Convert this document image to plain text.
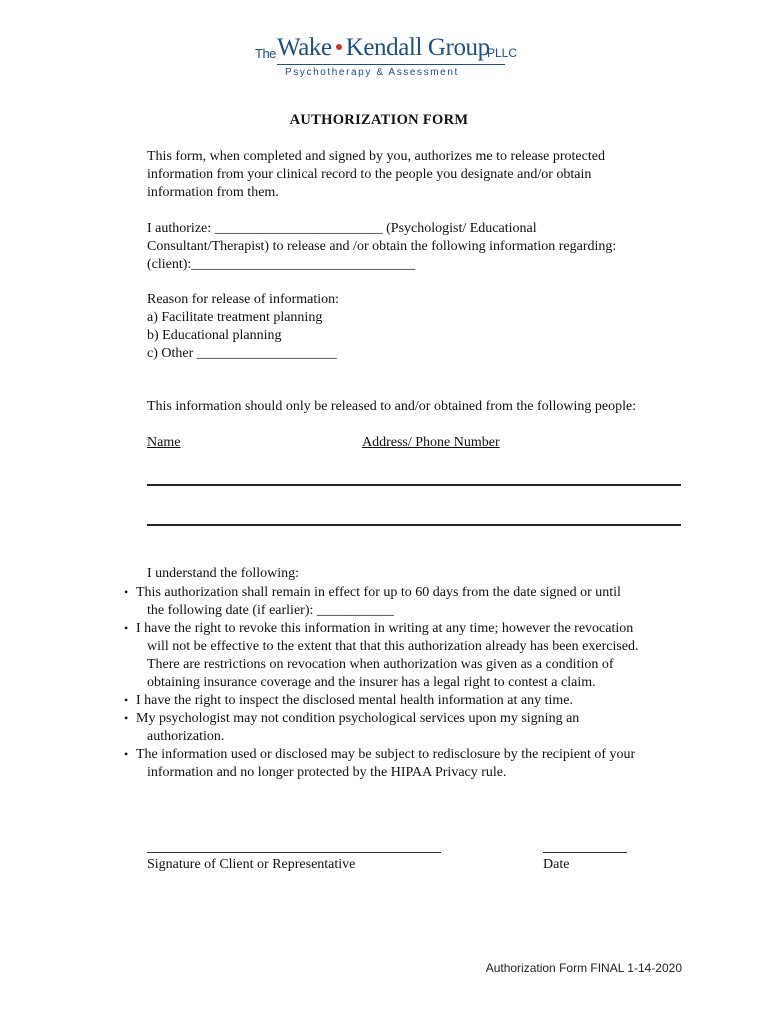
The Wake Kendall Group
PLLC
Psychotherapy & Assessment
AUTHORIZATION FORM
This form, when completed and signed by you, authorizes me to release protected
information from your clinical record to the people you designate and/or obtain
information from them.
I authorize: ________________________ (Psychologist/ Educational
Consultant/Therapist) to release and /or obtain the following information regarding:
(client):________________________________
Reason for release of information:
a) Facilitate treatment planning
b) Educational planning
c) Other ____________________
This information should only be released to and/or obtained from the following people:
Name	Address/ Phone Number
I understand the following:
• This authorization shall remain in effect for up to 60 days from the date signed or until
the following date (if earlier): ___________
• I have the right to revoke this information in writing at any time; however the revocation
will not be effective to the extent that that this authorization already has been exercised.
There are restrictions on revocation when authorization was given as a condition of
obtaining insurance coverage and the insurer has a legal right to contest a claim.
• I have the right to inspect the disclosed mental health information at any time.
• My psychologist may not condition psychological services upon my signing an
authorization.
• The information used or disclosed may be subject to redisclosure by the recipient of your
information and no longer protected by the HIPAA Privacy rule.
Signature of Client or Representative	Date
Authorization Form FINAL 1-14-2020
